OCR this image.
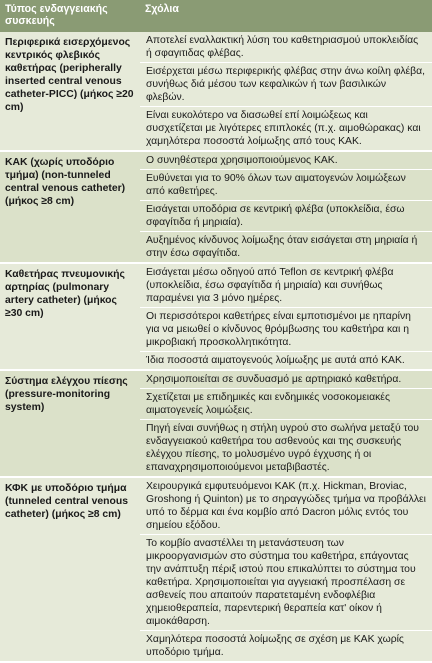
Τύπος ενδαγγειακής συσκευής	Σχόλια
Περιφερικά εισερχόμενος κεντρικός φλεβικός καθετήρας (peripherally inserted central venous catheter-PICC) (μήκος ≥20 cm)	Αποτελεί εναλλακτική λύση του καθετηριασμού υποκλειδίας ή σφαγιτιδας φλέβας.

Εισέρχεται μέσω περιφερικής φλέβας στην άνω κοίλη φλέβα, συνήθως διά μέσου των κεφαλικών ή των βασιλικών φλεβών.

Είναι ευκολότερο να διασωθεί επί λοιμώξεως και συσχετίζεται με λιγότερες επιπλοκές (π.χ. αιμοθώρακας) και χαμηλότερα ποσοστά λοίμωξης από τους ΚΑΚ.

ΚΑΚ (χωρίς υποδόριο τμήμα) (non-tunneled central venous catheter) (μήκος ≥8 cm)	Ο συνηθέστερα χρησιμοποιούμενος ΚΑΚ.

Ευθύνεται για το 90% όλων των αιματογενών λοιμώξεων από καθετήρες.

Εισάγεται υποδόρια σε κεντρική φλέβα (υποκλείδια, έσω σφαγίτιδα ή μηριαία).

Αυξημένος κίνδυνος λοίμωξης όταν εισάγεται στη μηριαία ή στην έσω σφαγίτιδα.

Καθετήρας πνευμονικής αρτηρίας (pulmonary artery catheter) (μήκος ≥30 cm)	Εισάγεται μέσω οδηγού από Teflon σε κεντρική φλέβα (υποκλείδια, έσω σφαγίτιδα ή μηριαία) και συνήθως παραμένει για 3 μόνο ημέρες.

Οι περισσότεροι καθετήρες είναι εμποτισμένοι με ηπαρίνη για να μειωθεί ο κίνδυνος θρόμβωσης του καθετήρα και η μικροβιακή προσκολλητικότητα.

Ίδια ποσοστά αιματογενούς λοίμωξης με αυτά από ΚΑΚ.

Σύστημα ελέγχου πίεσης (pressure-monitoring system)	Χρησιμοποιείται σε συνδυασμό με αρτηριακό καθετήρα.

Σχετίζεται με επιδημικές και ενδημικές νοσοκομειακές αιματογενείς λοιμώξεις.

Πηγή είναι συνήθως η στήλη υγρού στο σωλήνα μεταξύ του ενδαγγειακού καθετήρα του ασθενούς και της συσκευής ελέγχου πίεσης, το μολυσμένο υγρό έγχυσης ή οι επαναχρησιμοποιούμενοι μεταβιβαστές.

ΚΦΚ με υποδόριο τμήμα (tunneled central venous catheter) (μήκος ≥8 cm)	Χειρουργικά εμφυτευόμενοι ΚΑΚ (π.χ. Hickman, Broviac, Groshong ή Quinton) με το σηραγγώδες τμήμα να προβάλλει υπό το δέρμα και ένα κομβίο από Dacron μόλις εντός του σημείου εξόδου.

Το κομβίο αναστέλλει τη μετανάστευση των μικροοργανισμών στο σύστημα του καθετήρα, επάγοντας την ανάπτυξη πέριξ ιστού που επικαλύπτει το σύστημα του καθετήρα. Χρησιμοποιείται για αγγειακή προσπέλαση σε ασθενείς που απαιτούν παρατεταμένη ενδοφλέβια χημειοθεραπεία, παρεντερική θεραπεία κατ' οίκον ή αιμοκάθαρση.

Χαμηλότερα ποσοστά λοίμωξης σε σχέση με ΚΑΚ χωρίς υποδόριο τμήμα.
